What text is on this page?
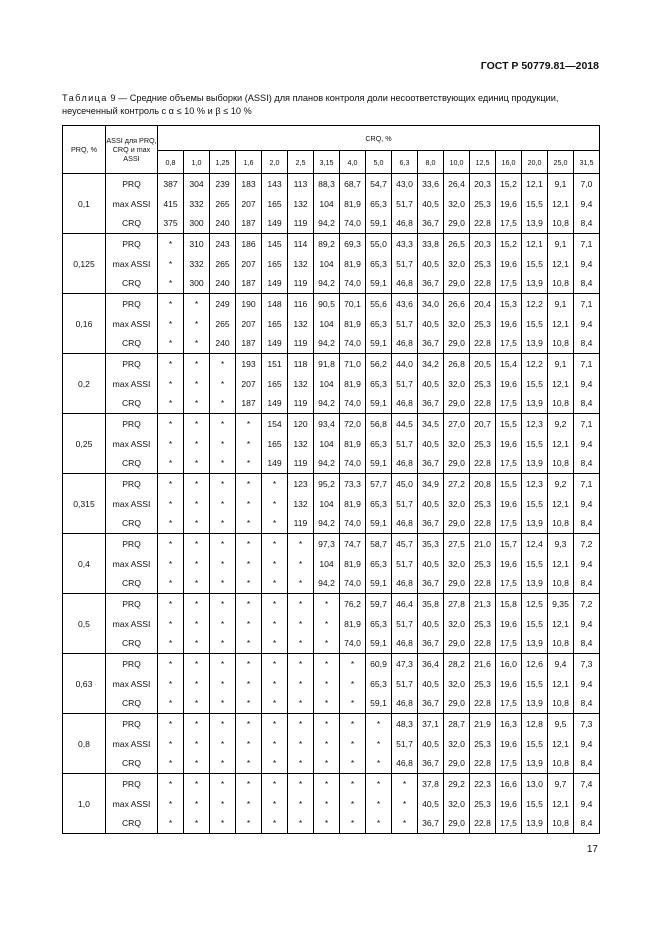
ГОСТ Р 50779.81—2018
Таблица 9 — Средние объемы выборки (ASSI) для планов контроля доли несоответствующих единиц продукции, неусеченный контроль с α ≤ 10 % и β ≤ 10 %
PRQ, %	ASSI для PRQ, CRQ и max ASSI	CRQ, %																
		0,8	1,0	1,25	1,6	2,0	2,5	3,15	4,0	5,0	6,3	8,0	10,0	12,5	16,0	20,0	25,0	31,5
0,1	PRQ	387	304	239	183	143	113	88,3	68,7	54,7	43,0	33,6	26,4	20,3	15,2	12,1	9,1	7,0
	max ASSI	415	332	265	207	165	132	104	81,9	65,3	51,7	40,5	32,0	25,3	19,6	15,5	12,1	9,4
	CRQ	375	300	240	187	149	119	94,2	74,0	59,1	46,8	36,7	29,0	22,8	17,5	13,9	10,8	8,4
0,125	PRQ	*	310	243	186	145	114	89,2	69,3	55,0	43,3	33,8	26,5	20,3	15,2	12,1	9,1	7,1
	max ASSI	*	332	265	207	165	132	104	81,9	65,3	51,7	40,5	32,0	25,3	19,6	15,5	12,1	9,4
	CRQ	*	300	240	187	149	119	94,2	74,0	59,1	46,8	36,7	29,0	22,8	17,5	13,9	10,8	8,4
0,16	PRQ	*	*	249	190	148	116	90,5	70,1	55,6	43,6	34,0	26,6	20,4	15,3	12,2	9,1	7,1
	max ASSI	*	*	265	207	165	132	104	81,9	65,3	51,7	40,5	32,0	25,3	19,6	15,5	12,1	9,4
	CRQ	*	*	240	187	149	119	94,2	74,0	59,1	46,8	36,7	29,0	22,8	17,5	13,9	10,8	8,4
0,2	PRQ	*	*	*	193	151	118	91,8	71,0	56,2	44,0	34,2	26,8	20,5	15,4	12,2	9,1	7,1
	max ASSI	*	*	*	207	165	132	104	81,9	65,3	51,7	40,5	32,0	25,3	19,6	15,5	12,1	9,4
	CRQ	*	*	*	187	149	119	94,2	74,0	59,1	46,8	36,7	29,0	22,8	17,5	13,9	10,8	8,4
0,25	PRQ	*	*	*	*	154	120	93,4	72,0	56,8	44,5	34,5	27,0	20,7	15,5	12,3	9,2	7,1
	max ASSI	*	*	*	*	165	132	104	81,9	65,3	51,7	40,5	32,0	25,3	19,6	15,5	12,1	9,4
	CRQ	*	*	*	*	149	119	94,2	74,0	59,1	46,8	36,7	29,0	22,8	17,5	13,9	10,8	8,4
0,315	PRQ	*	*	*	*	*	123	95,2	73,3	57,7	45,0	34,9	27,2	20,8	15,5	12,3	9,2	7,1
	max ASSI	*	*	*	*	*	132	104	81,9	65,3	51,7	40,5	32,0	25,3	19,6	15,5	12,1	9,4
	CRQ	*	*	*	*	*	119	94,2	74,0	59,1	46,8	36,7	29,0	22,8	17,5	13,9	10,8	8,4
0,4	PRQ	*	*	*	*	*	*	97,3	74,7	58,7	45,7	35,3	27,5	21,0	15,7	12,4	9,3	7,2
	max ASSI	*	*	*	*	*	*	104	81,9	65,3	51,7	40,5	32,0	25,3	19,6	15,5	12,1	9,4
	CRQ	*	*	*	*	*	*	94,2	74,0	59,1	46,8	36,7	29,0	22,8	17,5	13,9	10,8	8,4
0,5	PRQ	*	*	*	*	*	*	*	76,2	59,7	46,4	35,8	27,8	21,3	15,8	12,5	9,35	7,2
	max ASSI	*	*	*	*	*	*	*	81,9	65,3	51,7	40,5	32,0	25,3	19,6	15,5	12,1	9,4
	CRQ	*	*	*	*	*	*	*	74,0	59,1	46,8	36,7	29,0	22,8	17,5	13,9	10,8	8,4
0,63	PRQ	*	*	*	*	*	*	*	*	60,9	47,3	36,4	28,2	21,6	16,0	12,6	9,4	7,3
	max ASSI	*	*	*	*	*	*	*	*	65,3	51,7	40,5	32,0	25,3	19,6	15,5	12,1	9,4
	CRQ	*	*	*	*	*	*	*	*	59,1	46,8	36,7	29,0	22,8	17,5	13,9	10,8	8,4
0,8	PRQ	*	*	*	*	*	*	*	*	*	48,3	37,1	28,7	21,9	16,3	12,8	9,5	7,3
	max ASSI	*	*	*	*	*	*	*	*	*	51,7	40,5	32,0	25,3	19,6	15,5	12,1	9,4
	CRQ	*	*	*	*	*	*	*	*	*	46,8	36,7	29,0	22,8	17,5	13,9	10,8	8,4
1,0	PRQ	*	*	*	*	*	*	*	*	*	*	37,8	29,2	22,3	16,6	13,0	9,7	7,4
	max ASSI	*	*	*	*	*	*	*	*	*	*	40,5	32,0	25,3	19,6	15,5	12,1	9,4
	CRQ	*	*	*	*	*	*	*	*	*	*	36,7	29,0	22,8	17,5	13,9	10,8	8,4
17
